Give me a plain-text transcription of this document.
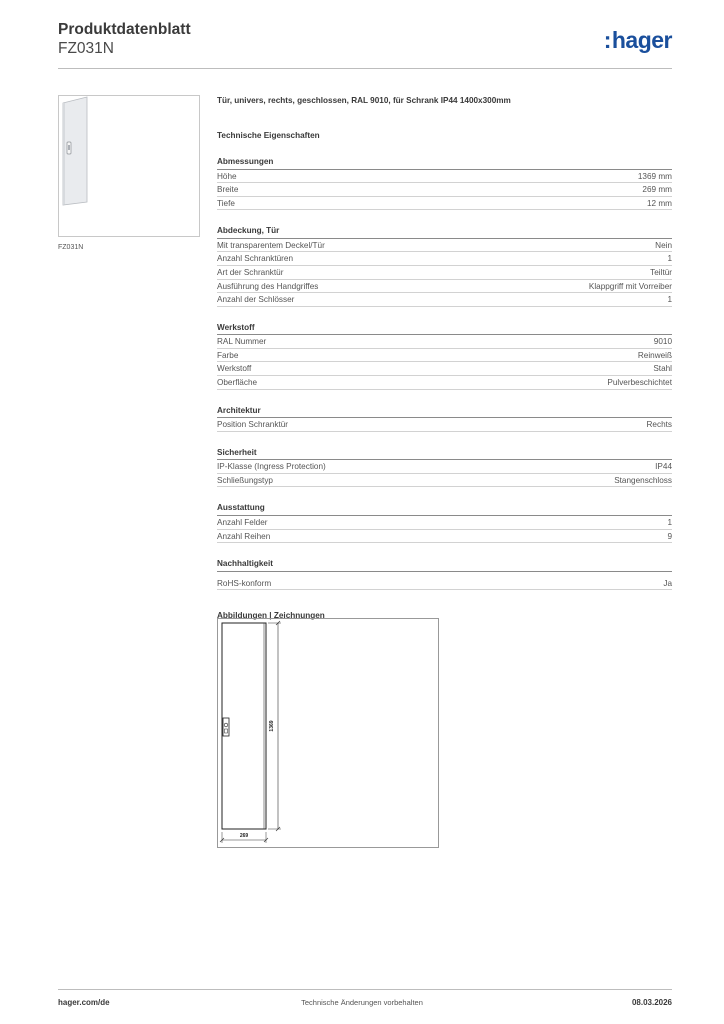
Produktdatenblatt
FZ031N	:hager
FZ031N
Tür, univers, rechts, geschlossen, RAL 9010, für Schrank IP44 1400x300mm
Technische Eigenschaften
Abmessungen
Höhe	1369 mm
Breite	269 mm
Tiefe	12 mm
Abdeckung, Tür
Mit transparentem Deckel/Tür	Nein
Anzahl Schranktüren	1
Art der Schranktür	Teiltür
Ausführung des Handgriffes	Klappgriff mit Vorreiber
Anzahl der Schlösser	1
Werkstoff
RAL Nummer	9010
Farbe	Reinweiß
Werkstoff	Stahl
Oberfläche	Pulverbeschichtet
Architektur
Position Schranktür	Rechts
Sicherheit
IP-Klasse (Ingress Protection)	IP44
Schließungstyp	Stangenschloss
Ausstattung
Anzahl Felder	1
Anzahl Reihen	9
Nachhaltigkeit
RoHS-konform	Ja
Abbildungen | Zeichnungen
1369
269
hager.com/de	Technische Änderungen vorbehalten	08.03.2026
